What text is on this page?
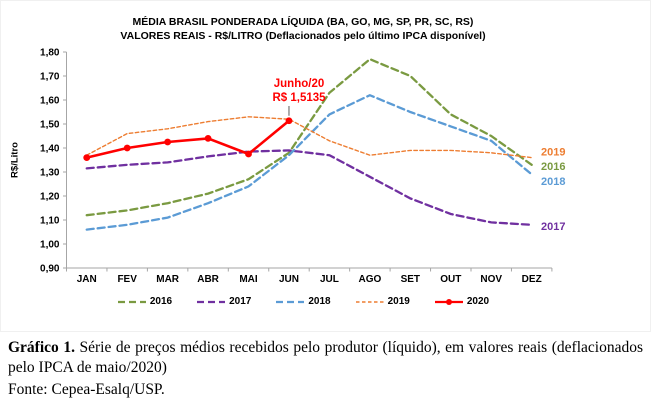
MÉDIA BRASIL PONDERADA LÍQUIDA (BA, GO, MG, SP, PR, SC, RS)
VALORES REAIS - R$/LITRO (Deflacionados pelo último IPCA disponível)
R$/Litro
1,80
1,70
1,60
1,50
1,40
1,30
1,20
1,10
1,00
0,90
JAN FEV MAR ABR MAI JUN JUL AGO SET OUT NOV DEZ
2019
2016
2018
2017
Junho/20
R$ 1,5135
2016	2017	2018	2019	2020
Gráfico 1. Série de preços médios recebidos pelo produtor (líquido), em valores reais (deflacionados pelo IPCA de maio/2020)
Fonte: Cepea-Esalq/USP.
